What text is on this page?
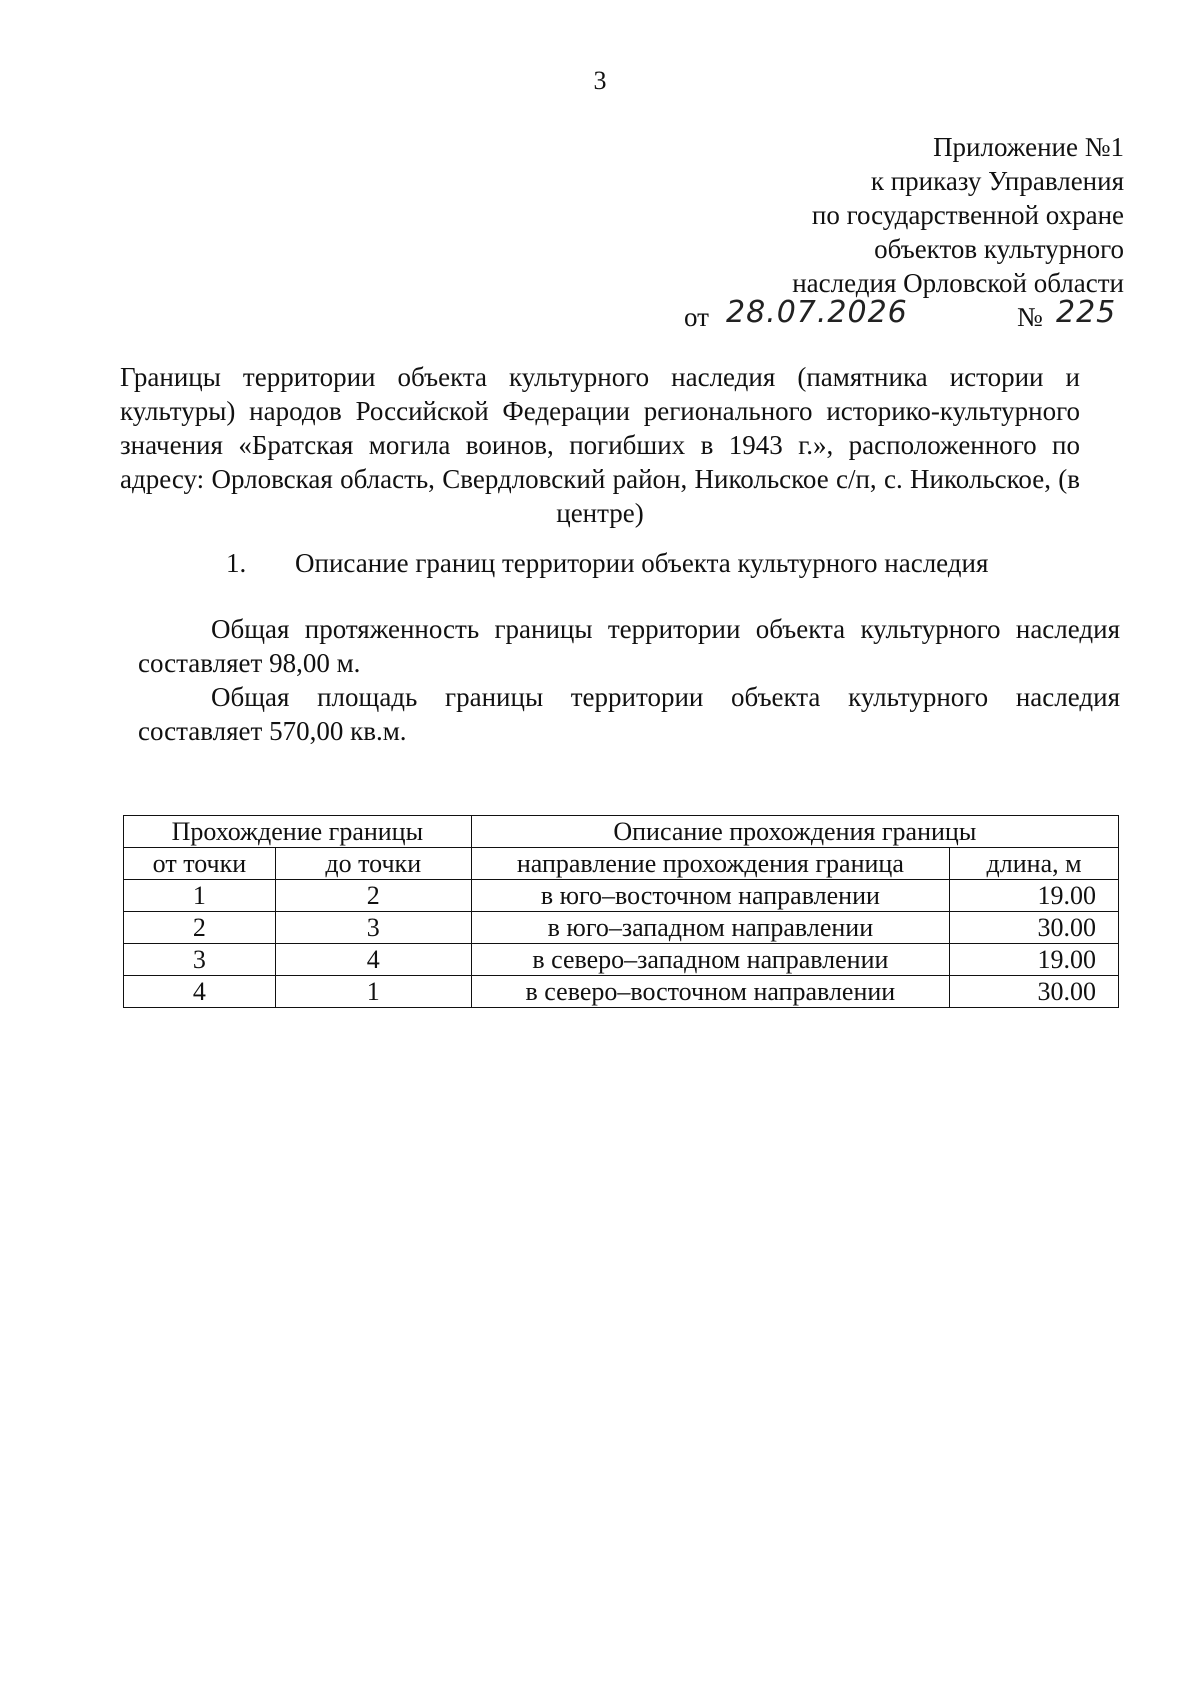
3
Приложение №1
к приказу Управления
по государственной охране
объектов культурного
наследия Орловской области
от 28.07.2026	№ 225
Границы территории объекта культурного наследия (памятника истории и культуры) народов Российской Федерации регионального историко-культурного значения «Братская могила воинов, погибших в 1943 г.», расположенного по адресу: Орловская область, Свердловский район, Никольское с/п, с. Никольское, (в центре)
1. Описание границ территории объекта культурного наследия
Общая протяженность границы территории объекта культурного наследия составляет 98,00 м.
Общая площадь границы территории объекта культурного наследия составляет 570,00 кв.м.
Прохождение границы		Описание прохождения границы	
от точки	до точки	направление прохождения граница	длина, м
1	2	в юго–восточном направлении	19.00
2	3	в юго–западном направлении	30.00
3	4	в северо–западном направлении	19.00
4	1	в северо–восточном направлении	30.00
